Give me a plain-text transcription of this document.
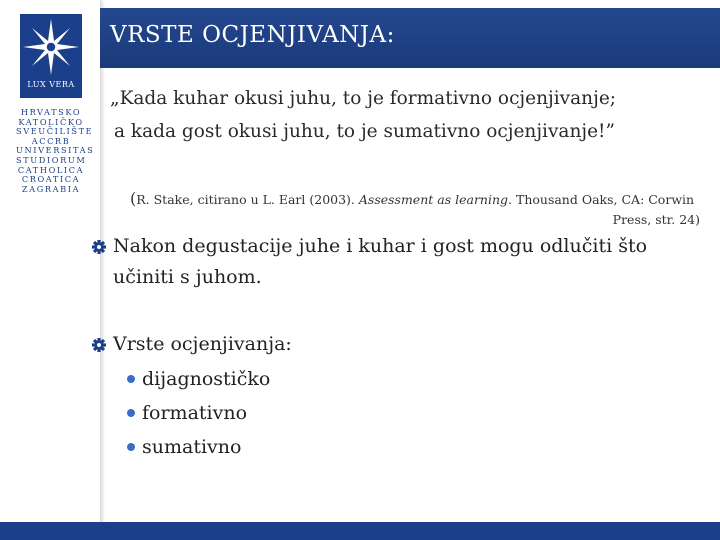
LUX VERA
HRVATSKO
KATOLIČKO
SVEUČILIŠTE
ACCRB
UNIVERSITAS
STUDIORUM
CATHOLICA
CROATICA
ZAGRABIA
VRSTE OCJENJIVANJA:
„Kada kuhar okusi juhu, to je formativno ocjenjivanje;
a kada gost okusi juhu, to je sumativno ocjenjivanje!”
(R. Stake, citirano u L. Earl (2003). Assessment as learning. Thousand Oaks, CA: Corwin
Press, str. 24)
Nakon degustacije juhe i kuhar i gost mogu odlučiti što
učiniti s juhom.
Vrste ocjenjivanja:
dijagnostičko
formativno
sumativno
